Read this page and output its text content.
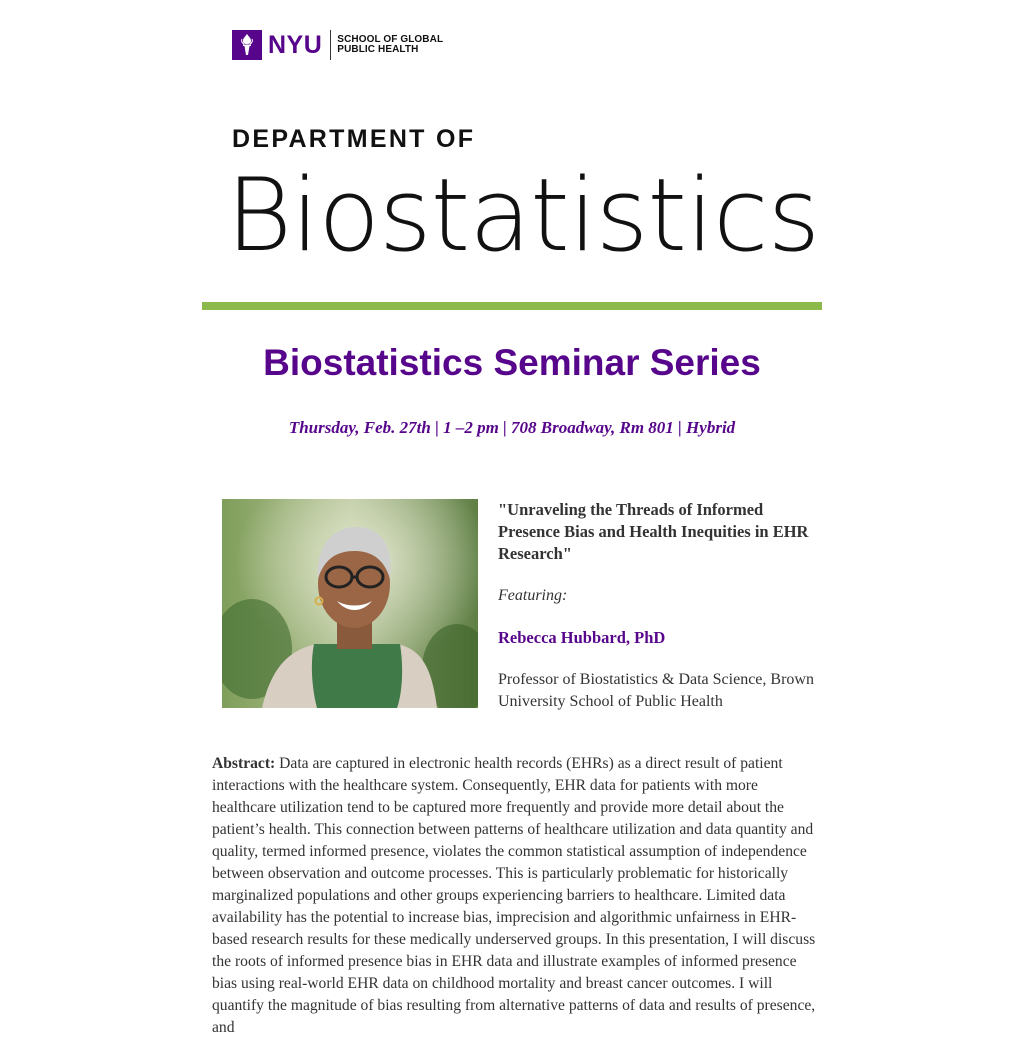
NYU SCHOOL OF GLOBAL
PUBLIC HEALTH
DEPARTMENT OF
Biostatistics
Biostatistics Seminar Series
Thursday, Feb. 27th | 1 –2 pm | 708 Broadway, Rm 801 | Hybrid

"Unraveling the Threads of Informed Presence Bias and Health Inequities in EHR Research"

Featuring:

Rebecca Hubbard, PhD

Professor of Biostatistics & Data Science, Brown University School of Public Health

Abstract: Data are captured in electronic health records (EHRs) as a direct result of patient interactions with the healthcare system. Consequently, EHR data for patients with more healthcare utilization tend to be captured more frequently and provide more detail about the patient’s health. This connection between patterns of healthcare utilization and data quantity and quality, termed informed presence, violates the common statistical assumption of independence between observation and outcome processes. This is particularly problematic for historically marginalized populations and other groups experiencing barriers to healthcare. Limited data availability has the potential to increase bias, imprecision and algorithmic unfairness in EHR-based research results for these medically underserved groups. In this presentation, I will discuss the roots of informed presence bias in EHR data and illustrate examples of informed presence bias using real-world EHR data on childhood mortality and breast cancer outcomes. I will quantify the magnitude of bias resulting from alternative patterns of data and results of presence, and
